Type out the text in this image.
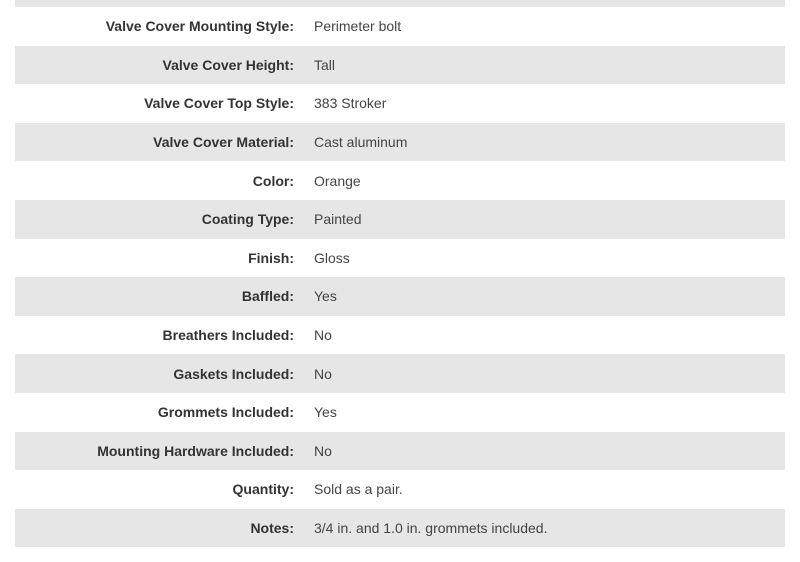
Valve Cover Mounting Style:	Perimeter bolt
Valve Cover Height:	Tall
Valve Cover Top Style:	383 Stroker
Valve Cover Material:	Cast aluminum
Color:	Orange
Coating Type:	Painted
Finish:	Gloss
Baffled:	Yes
Breathers Included:	No
Gaskets Included:	No
Grommets Included:	Yes
Mounting Hardware Included:	No
Quantity:	Sold as a pair.
Notes:	3/4 in. and 1.0 in. grommets included.
